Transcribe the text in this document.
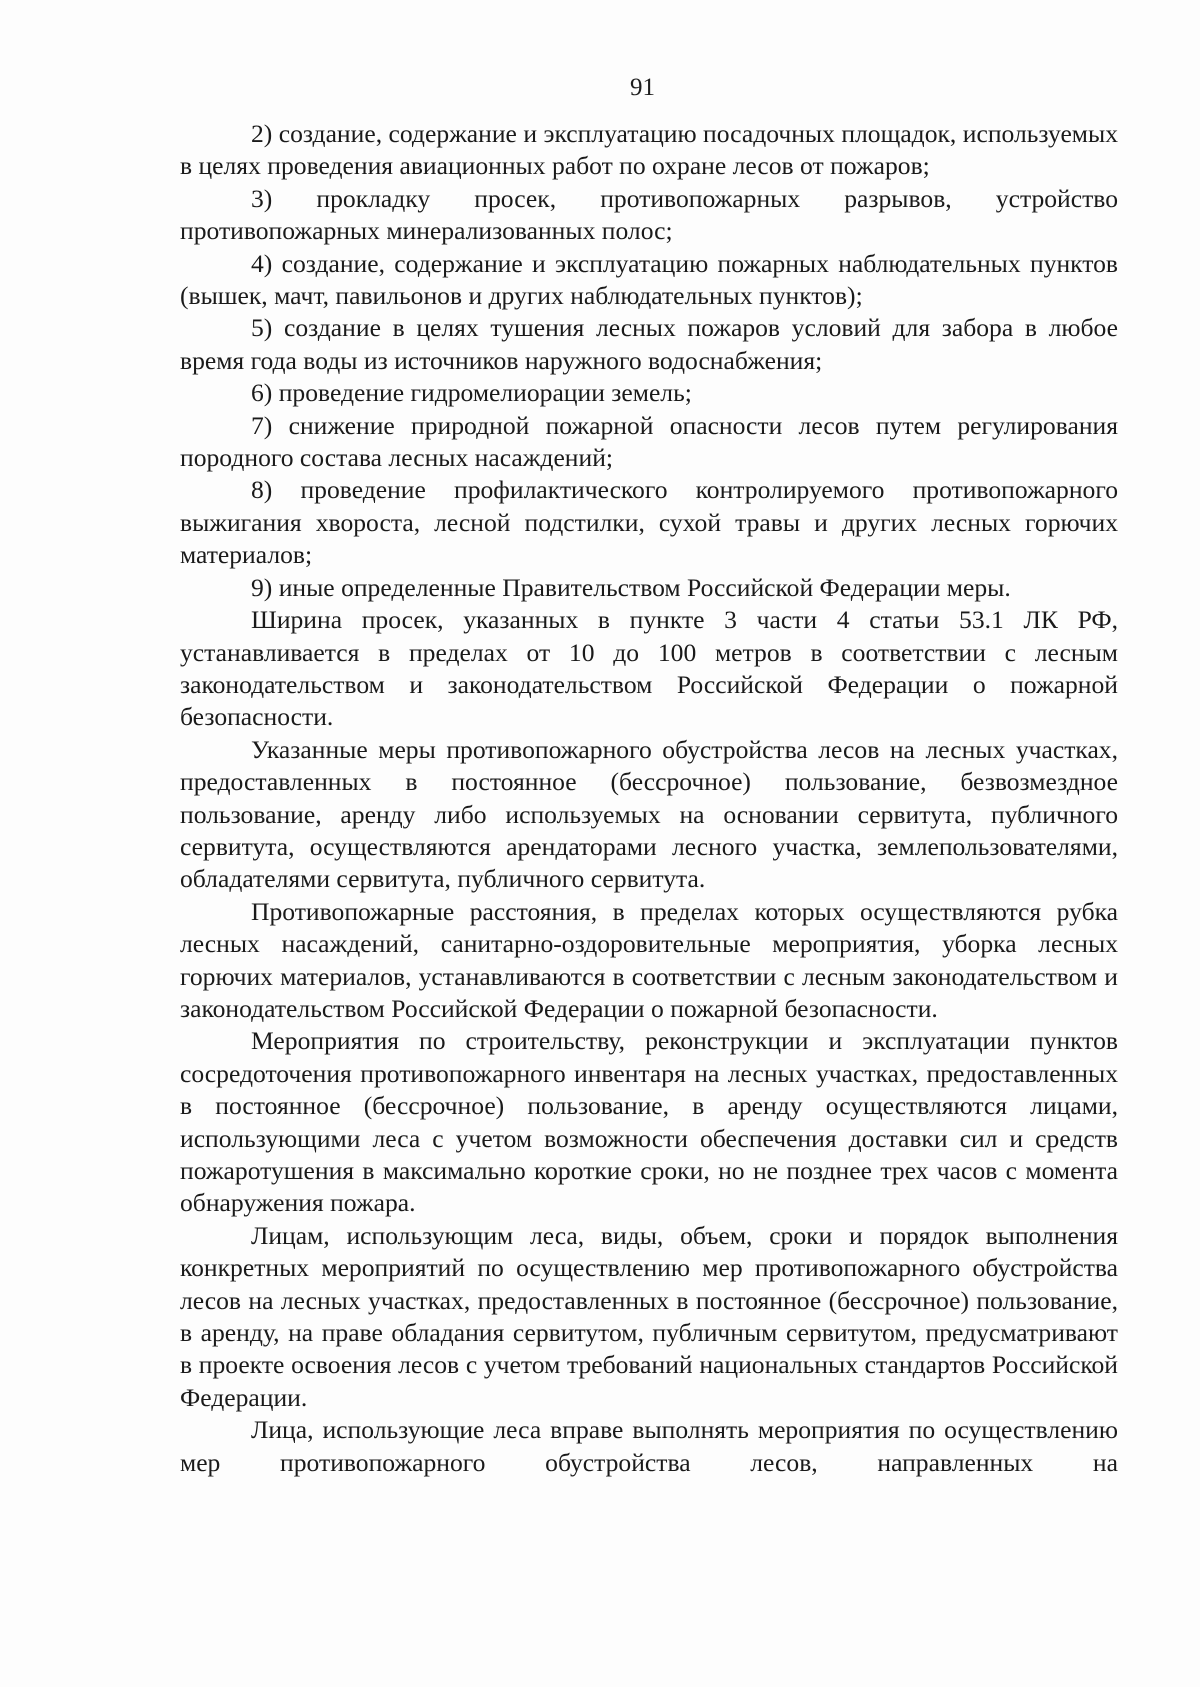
91

2) создание, содержание и эксплуатацию посадочных площадок, используемых в целях проведения авиационных работ по охране лесов от пожаров;

3) прокладку просек, противопожарных разрывов, устройство противопожарных минерализованных полос;

4) создание, содержание и эксплуатацию пожарных наблюдательных пунктов (вышек, мачт, павильонов и других наблюдательных пунктов);

5) создание в целях тушения лесных пожаров условий для забора в любое время года воды из источников наружного водоснабжения;

6) проведение гидромелиорации земель;

7) снижение природной пожарной опасности лесов путем регулирования породного состава лесных насаждений;

8) проведение профилактического контролируемого противопожарного выжигания хвороста, лесной подстилки, сухой травы и других лесных горючих материалов;

9) иные определенные Правительством Российской Федерации меры.

Ширина просек, указанных в пункте 3 части 4 статьи 53.1 ЛК РФ, устанавливается в пределах от 10 до 100 метров в соответствии с лесным законодательством и законодательством Российской Федерации о пожарной безопасности.

Указанные меры противопожарного обустройства лесов на лесных участках, предоставленных в постоянное (бессрочное) пользование, безвозмездное пользование, аренду либо используемых на основании сервитута, публичного сервитута, осуществляются арендаторами лесного участка, землепользователями, обладателями сервитута, публичного сервитута.

Противопожарные расстояния, в пределах которых осуществляются рубка лесных насаждений, санитарно-оздоровительные мероприятия, уборка лесных горючих материалов, устанавливаются в соответствии с лесным законодательством и законодательством Российской Федерации о пожарной безопасности.

Мероприятия по строительству, реконструкции и эксплуатации пунктов сосредоточения противопожарного инвентаря на лесных участках, предоставленных в постоянное (бессрочное) пользование, в аренду осуществляются лицами, использующими леса с учетом возможности обеспечения доставки сил и средств пожаротушения в максимально короткие сроки, но не позднее трех часов с момента обнаружения пожара.

Лицам, использующим леса, виды, объем, сроки и порядок выполнения конкретных мероприятий по осуществлению мер противопожарного обустройства лесов на лесных участках, предоставленных в постоянное (бессрочное) пользование, в аренду, на праве обладания сервитутом, публичным сервитутом, предусматривают в проекте освоения лесов с учетом требований национальных стандартов Российской Федерации.

Лица, использующие леса вправе выполнять мероприятия по осуществлению мер противопожарного обустройства лесов, направленных на
